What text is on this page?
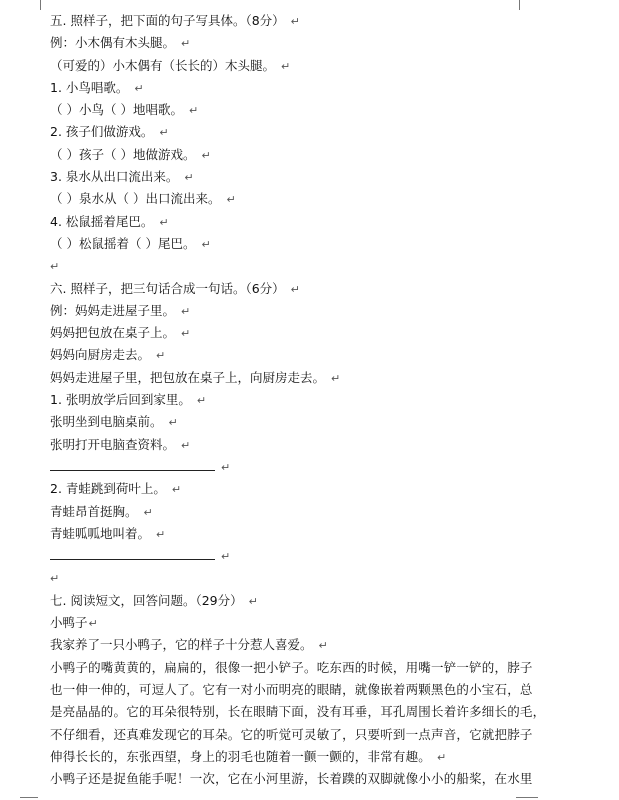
五. 照样子，把下面的句子写具体。（8分） ↵
例：小木偶有木头腿。 ↵
（可爱的）小木偶有（长长的）木头腿。 ↵
1. 小鸟唱歌。 ↵
（ ）小鸟（ ）地唱歌。 ↵
2. 孩子们做游戏。 ↵
（ ）孩子（ ）地做游戏。 ↵
3. 泉水从出口流出来。 ↵
（ ）泉水从（ ）出口流出来。 ↵
4. 松鼠摇着尾巴。 ↵
（ ）松鼠摇着（ ）尾巴。 ↵
↵
六. 照样子，把三句话合成一句话。（6分） ↵
例：妈妈走进屋子里。 ↵
妈妈把包放在桌子上。 ↵
妈妈向厨房走去。 ↵
妈妈走进屋子里，把包放在桌子上，向厨房走去。 ↵
1. 张明放学后回到家里。 ↵
张明坐到电脑桌前。 ↵
张明打开电脑查资料。 ↵
↵
2. 青蛙跳到荷叶上。 ↵
青蛙昂首挺胸。 ↵
青蛙呱呱地叫着。 ↵
↵
↵
七. 阅读短文，回答问题。（29分） ↵
小鸭子↵
我家养了一只小鸭子，它的样子十分惹人喜爱。 ↵
小鸭子的嘴黄黄的，扁扁的，很像一把小铲子。吃东西的时候，用嘴一铲一铲的，脖子
也一伸一伸的，可逗人了。它有一对小而明亮的眼睛，就像嵌着两颗黑色的小宝石，总
是亮晶晶的。它的耳朵很特别，长在眼睛下面，没有耳垂，耳孔周围长着许多细长的毛，
不仔细看，还真难发现它的耳朵。它的听觉可灵敏了，只要听到一点声音，它就把脖子
伸得长长的，东张西望，身上的羽毛也随着一颤一颤的，非常有趣。 ↵
小鸭子还是捉鱼能手呢！一次，它在小河里游，长着蹼的双脚就像小小的船桨，在水里
